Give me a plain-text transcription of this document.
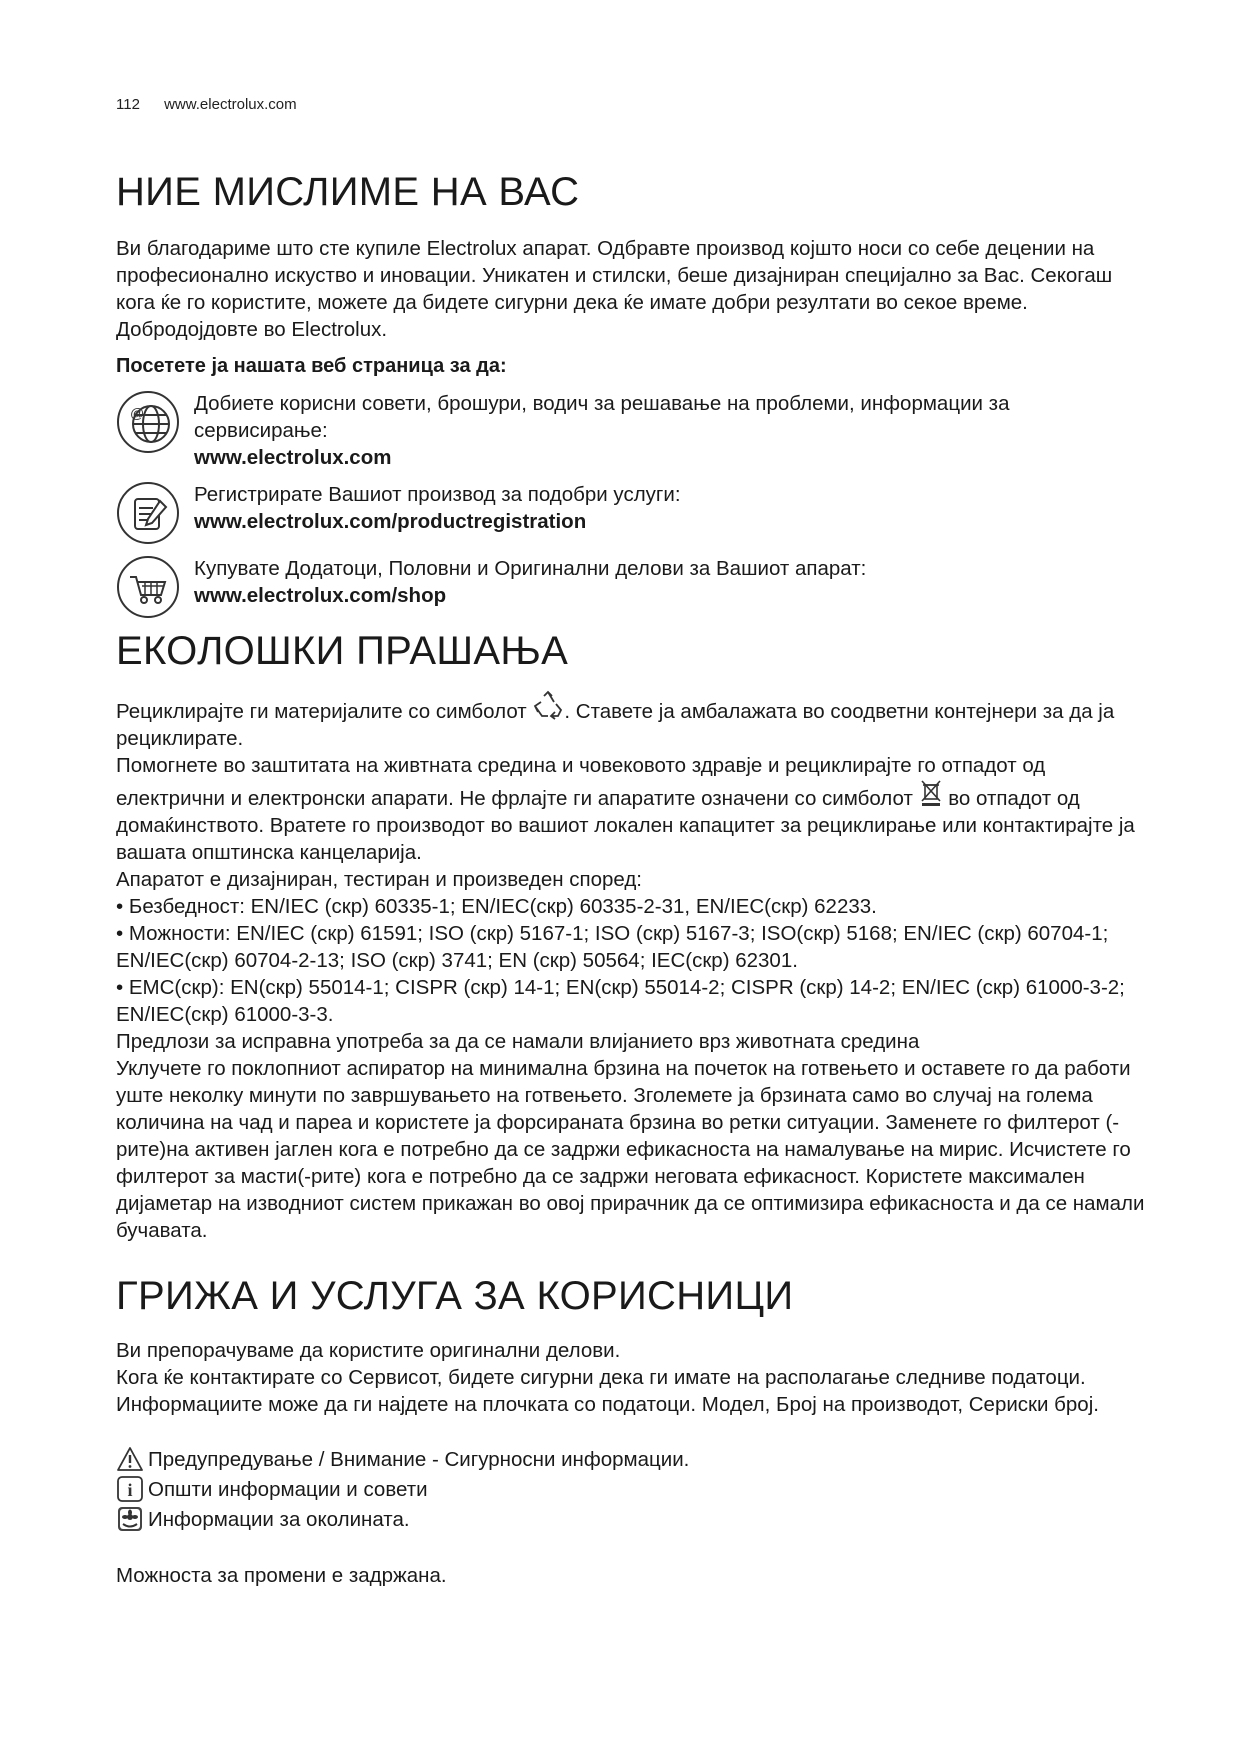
112 www.electrolux.com
НИЕ МИСЛИМЕ НА ВАС

Ви благодариме што сте купиле Electrolux апарат. Одбравте производ којшто носи со себе децении на професионално искуство и иновации. Уникатен и стилски, беше дизајниран специјално за Вас. Секогаш кога ќе го користите, можете да бидете сигурни дека ќе имате добри резултати во секое време. Добродојдовте во Electrolux.

Посетете ја нашата веб страница за да:

@ Добиете корисни совети, брошури, водич за решавање на проблеми, информации за сервисирање:

www.electrolux.com

Регистрирате Вашиот производ за подобри услуги:

www.electrolux.com/productregistration

Купувате Додатоци, Половни и Оригинални делови за Вашиот апарат:

www.electrolux.com/shop

ЕКОЛОШКИ ПРАШАЊА

Рециклирајте ги материјалите со симболот . Ставете ја амбалажата во соодветни контејнери за да ја рециклирате.

Помогнете во заштитата на живтната средина и човековото здравје и рециклирајте го отпадот од електрични и електронски апарати. Не фрлајте ги апаратите означени со симболот во отпадот од домаќинството. Вратете го производот во вашиот локален капацитет за рециклирање или контактирајте ја вашата општинска канцеларија.

Апаратот е дизајниран, тестиран и произведен според:

• Безбедност: EN/IEC (скр) 60335-1; EN/IEC(скр) 60335-2-31, EN/IEC(скр) 62233.

• Можности: EN/IEC (скр) 61591; ISO (скр) 5167-1; ISO (скр) 5167-3; ISO(скр) 5168; EN/IEC (скр) 60704-1; EN/IEC(скр) 60704-2-13; ISO (скр) 3741; EN (скр) 50564; IEC(скр) 62301.

• EMC(скр): EN(скр) 55014-1; CISPR (скр) 14-1; EN(скр) 55014-2; CISPR (скр) 14-2; EN/IEC (скр) 61000-3-2; EN/IEC(скр) 61000-3-3.

Предлози за исправна употреба за да се намали влијанието врз животната средина

Уклучете го поклопниот аспиратор на минимална брзина на почеток на готвењето и оставете го да работи уште неколку минути по завршувањето на готвењето. Зголемете ја брзината само во случај на голема количина на чад и пареа и користете ја форсираната брзина во ретки ситуации. Заменете го филтерот (-рите)на активен јаглен кога е потребно да се задржи ефикасноста на намалување на мирис. Исчистете го филтерот за масти(-рите) кога е потребно да се задржи неговата ефикасност. Користете максимален дијаметар на изводниот систем прикажан во овој прирачник да се оптимизира ефикасноста и да се намали бучавата.

ГРИЖА И УСЛУГА ЗА КОРИСНИЦИ

Ви препорачуваме да користите оригинални делови.

Кога ќе контактирате со Сервисот, бидете сигурни дека ги имате на располагање следниве податоци.

Информациите може да ги најдете на плочката со податоци. Модел, Број на производот, Сериски број.

Предупредување / Внимание - Сигурносни информации.

i Општи информации и совети

Информации за околината.

Можноста за промени е задржана.
